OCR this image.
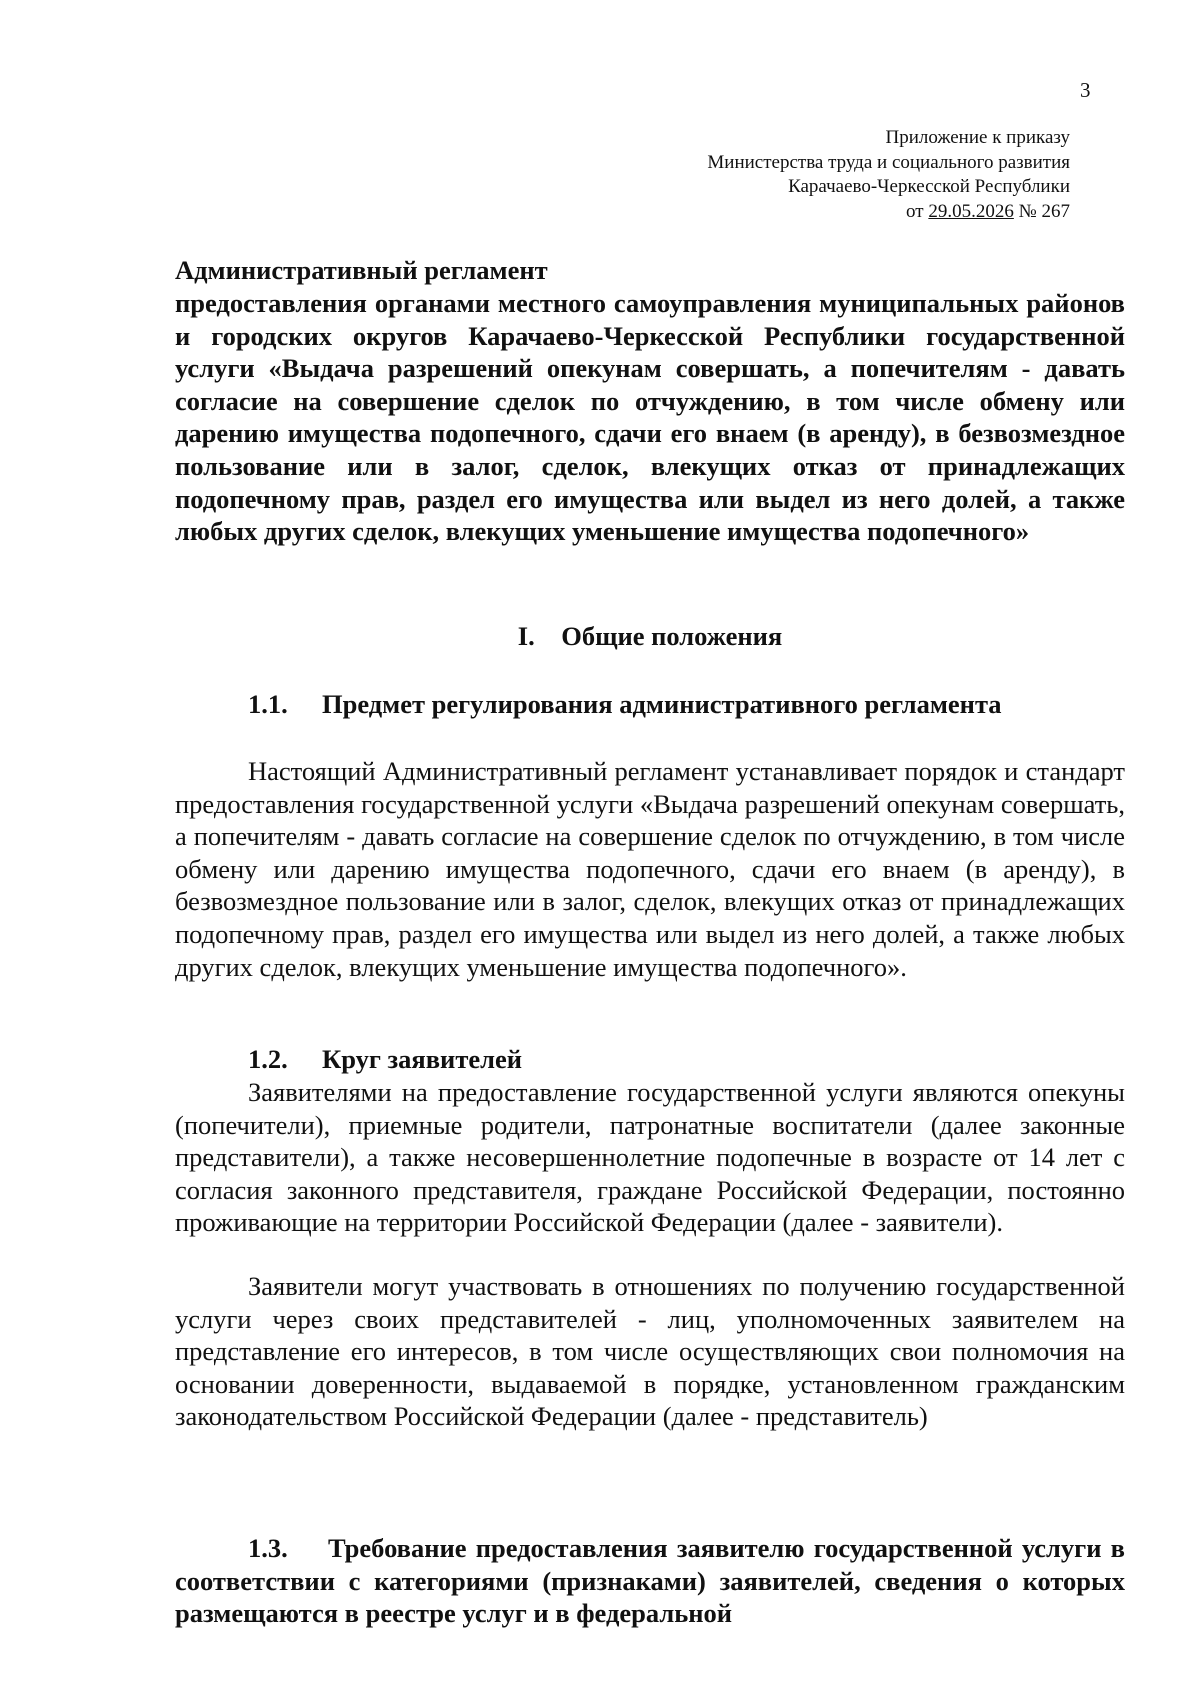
3
Приложение к приказу
Министерства труда и социального развития
Карачаево-Черкесской Республики
от 29.05.2026 № 267
Административный регламент
предоставления органами местного самоуправления муниципальных районов и городских округов Карачаево-Черкесской Республики государственной услуги «Выдача разрешений опекунам совершать, а попечителям - давать согласие на совершение сделок по отчуждению, в том числе обмену или дарению имущества подопечного, сдачи его внаем (в аренду), в безвозмездное пользование или в залог, сделок, влекущих отказ от принадлежащих подопечному прав, раздел его имущества или выдел из него долей, а также любых других сделок, влекущих уменьшение имущества подопечного»
I. Общие положения
1.1. Предмет регулирования административного регламента
Настоящий Административный регламент устанавливает порядок и стандарт предоставления государственной услуги «Выдача разрешений опекунам совершать, а попечителям - давать согласие на совершение сделок по отчуждению, в том числе обмену или дарению имущества подопечного, сдачи его внаем (в аренду), в безвозмездное пользование или в залог, сделок, влекущих отказ от принадлежащих подопечному прав, раздел его имущества или выдел из него долей, а также любых других сделок, влекущих уменьшение имущества подопечного».
1.2. Круг заявителей
Заявителями на предоставление государственной услуги являются опекуны (попечители), приемные родители, патронатные воспитатели (далее законные представители), а также несовершеннолетние подопечные в возрасте от 14 лет с согласия законного представителя, граждане Российской Федерации, постоянно проживающие на территории Российской Федерации (далее - заявители).
Заявители могут участвовать в отношениях по получению государственной услуги через своих представителей - лиц, уполномоченных заявителем на представление его интересов, в том числе осуществляющих свои полномочия на основании доверенности, выдаваемой в порядке, установленном гражданским законодательством Российской Федерации (далее - представитель)
1.3. Требование предоставления заявителю государственной услуги в соответствии с категориями (признаками) заявителей, сведения о которых размещаются в реестре услуг и в федеральной
